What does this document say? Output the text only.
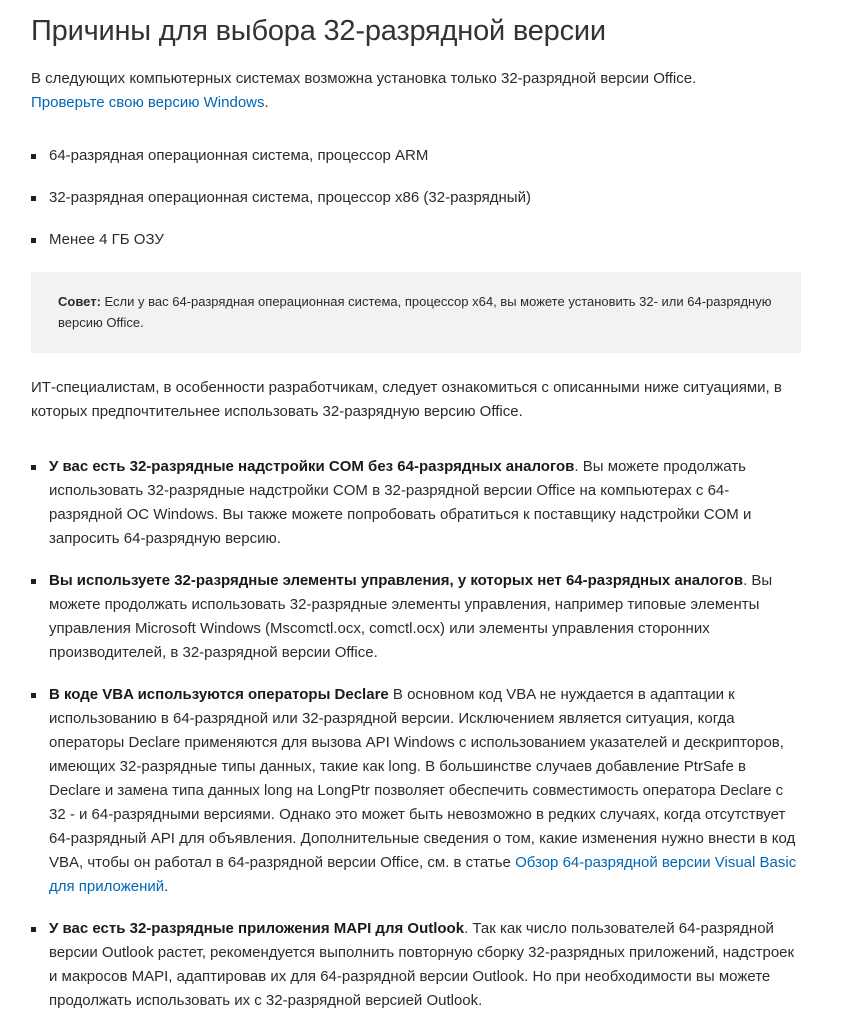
Причины для выбора 32-разрядной версии

В следующих компьютерных системах возможна установка только 32-разрядной версии Office.
Проверьте свою версию Windows.

64-разрядная операционная система, процессор ARM
32-разрядная операционная система, процессор x86 (32-разрядный)
Менее 4 ГБ ОЗУ
Совет: Если у вас 64-разрядная операционная система, процессор x64, вы можете установить 32- или 64-разрядную версию Office.

ИТ-специалистам, в особенности разработчикам, следует ознакомиться с описанными ниже ситуациями, в которых предпочтительнее использовать 32-разрядную версию Office.

У вас есть 32-разрядные надстройки COM без 64-разрядных аналогов. Вы можете продолжать использовать 32-разрядные надстройки COM в 32-разрядной версии Office на компьютерах с 64-разрядной ОС Windows. Вы также можете попробовать обратиться к поставщику надстройки COM и запросить 64-разрядную версию.
Вы используете 32-разрядные элементы управления, у которых нет 64-разрядных аналогов. Вы можете продолжать использовать 32-разрядные элементы управления, например типовые элементы управления Microsoft Windows (Mscomctl.ocx, comctl.ocx) или элементы управления сторонних производителей, в 32-разрядной версии Office.
В коде VBA используются операторы Declare В основном код VBA не нуждается в адаптации к использованию в 64-разрядной или 32-разрядной версии. Исключением является ситуация, когда операторы Declare применяются для вызова API Windows с использованием указателей и дескрипторов, имеющих 32-разрядные типы данных, такие как long. В большинстве случаев добавление PtrSafe в Declare и замена типа данных long на LongPtr позволяет обеспечить совместимость оператора Declare с 32 - и 64-разрядными версиями. Однако это может быть невозможно в редких случаях, когда отсутствует 64-разрядный API для объявления. Дополнительные сведения о том, какие изменения нужно внести в код VBA, чтобы он работал в 64-разрядной версии Office, см. в статье Обзор 64-разрядной версии Visual Basic для приложений.
У вас есть 32-разрядные приложения MAPI для Outlook. Так как число пользователей 64-разрядной версии Outlook растет, рекомендуется выполнить повторную сборку 32-разрядных приложений, надстроек и макросов MAPI, адаптировав их для 64-разрядной версии Outlook. Но при необходимости вы можете продолжать использовать их с 32-разрядной версией Outlook.
